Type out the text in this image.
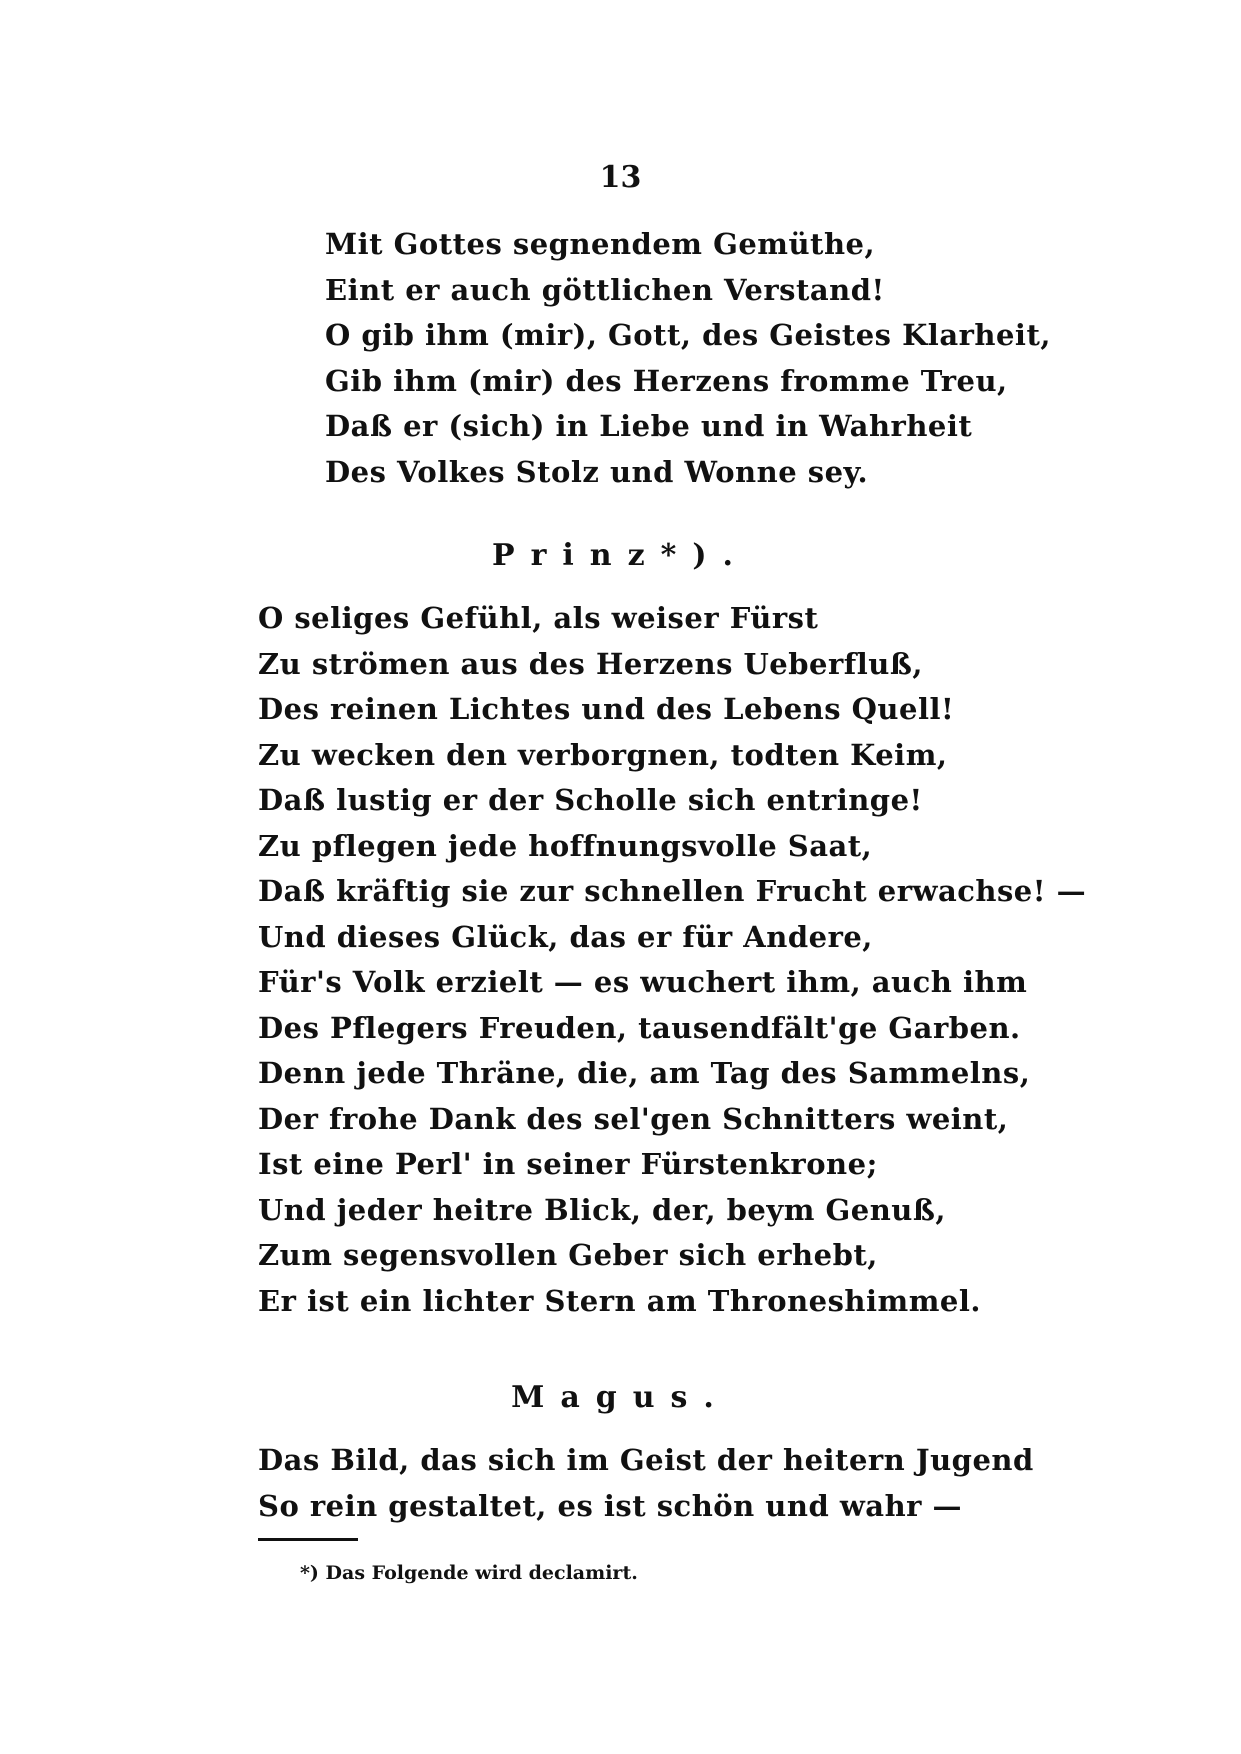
13
Mit Gottes segnendem Gemüthe,
Eint er auch göttlichen Verstand!
O gib ihm (mir), Gott, des Geistes Klarheit,
Gib ihm (mir) des Herzens fromme Treu,
Daß er (sich) in Liebe und in Wahrheit
Des Volkes Stolz und Wonne sey.
Prinz*).
O seliges Gefühl, als weiser Fürst
Zu strömen aus des Herzens Ueberfluß,
Des reinen Lichtes und des Lebens Quell!
Zu wecken den verborgnen, todten Keim,
Daß lustig er der Scholle sich entringe!
Zu pflegen jede hoffnungsvolle Saat,
Daß kräftig sie zur schnellen Frucht erwachse! —
Und dieses Glück, das er für Andere,
Für's Volk erzielt — es wuchert ihm, auch ihm
Des Pflegers Freuden, tausendfält'ge Garben.
Denn jede Thräne, die, am Tag des Sammelns,
Der frohe Dank des sel'gen Schnitters weint,
Ist eine Perl' in seiner Fürstenkrone;
Und jeder heitre Blick, der, beym Genuß,
Zum segensvollen Geber sich erhebt,
Er ist ein lichter Stern am Throneshimmel.
Magus.
Das Bild, das sich im Geist der heitern Jugend
So rein gestaltet, es ist schön und wahr —
*) Das Folgende wird declamirt.
